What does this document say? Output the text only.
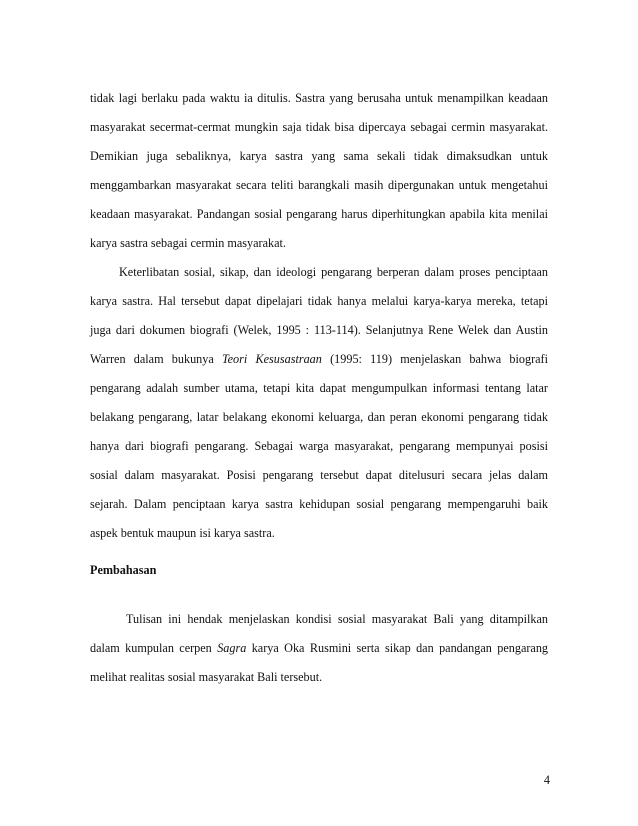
tidak lagi berlaku pada waktu ia ditulis. Sastra yang berusaha untuk menampilkan keadaan
masyarakat secermat-cermat mungkin saja tidak bisa dipercaya sebagai cermin masyarakat.
Demikian juga sebaliknya, karya sastra yang sama sekali tidak dimaksudkan untuk
menggambarkan masyarakat secara teliti barangkali masih dipergunakan untuk mengetahui
keadaan masyarakat. Pandangan sosial pengarang harus diperhitungkan apabila kita menilai
karya sastra sebagai cermin masyarakat.
Keterlibatan sosial, sikap, dan ideologi pengarang berperan dalam proses penciptaan
karya sastra. Hal tersebut dapat dipelajari tidak hanya melalui karya-karya mereka, tetapi
juga dari dokumen biografi (Welek, 1995 : 113-114). Selanjutnya Rene Welek dan Austin
Warren dalam bukunya Teori Kesusastraan (1995: 119) menjelaskan bahwa biografi
pengarang adalah sumber utama, tetapi kita dapat mengumpulkan informasi tentang latar
belakang pengarang, latar belakang ekonomi keluarga, dan peran ekonomi pengarang tidak
hanya dari biografi pengarang. Sebagai warga masyarakat, pengarang mempunyai posisi
sosial dalam masyarakat. Posisi pengarang tersebut dapat ditelusuri secara jelas dalam
sejarah. Dalam penciptaan karya sastra kehidupan sosial pengarang mempengaruhi baik
aspek bentuk maupun isi karya sastra.
Pembahasan
Tulisan ini hendak menjelaskan kondisi sosial masyarakat Bali yang ditampilkan
dalam kumpulan cerpen Sagra karya Oka Rusmini serta sikap dan pandangan pengarang
melihat realitas sosial masyarakat Bali tersebut.
4
